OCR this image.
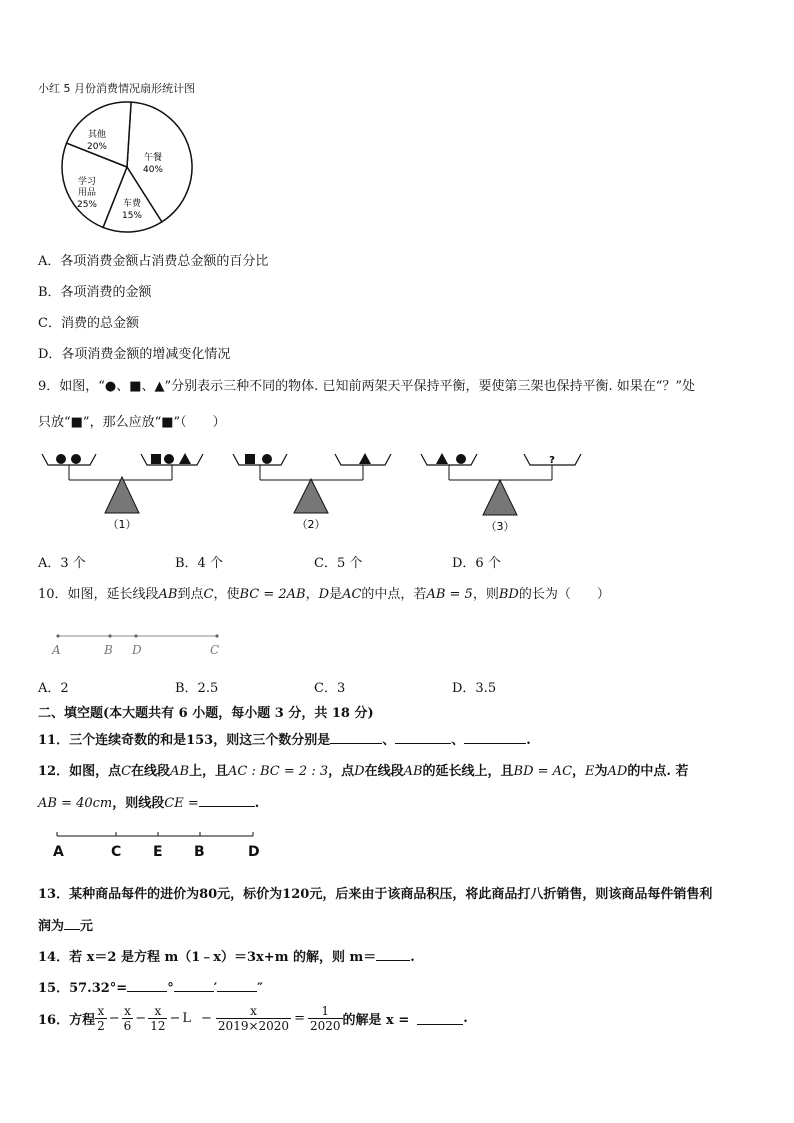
小红 5 月份消费情况扇形统计图
午餐
40%
车费
15%
学习
用品
25%
其他
20%
A．各项消费金额占消费总金额的百分比
B．各项消费的金额
C．消费的总金额
D．各项消费金额的增减变化情况
9．如图，“●、■、▲”分别表示三种不同的物体. 已知前两架天平保持平衡，要使第三架也保持平衡. 如果在“？”处
只放“■”，那么应放“■”（　　）
（1）	（2）
?
（3）
A．3 个	B．4 个	C．5 个	D．6 个
10．如图，延长线段AB到点C，使BC = 2AB，D是AC的中点，若AB = 5，则BD的长为（　　）
A	B D	C
A．2	B．2.5	C．3	D．3.5
二、填空题(本大题共有 6 小题，每小题 3 分，共 18 分)
11．三个连续奇数的和是153，则这三个数分别是	、	、	.
12．如图，点C在线段AB上，且AC : BC = 2 : 3，点D在线段AB的延长线上，且BD = AC，E为AD的中点. 若
AB = 40cm，则线段CE =	.
A	C E B	D
13．某种商品每件的进价为80元，标价为120元，后来由于该商品积压，将此商品打八折销售，则该商品每件销售利
润为 元
14．若 x＝2 是方程 m（1﹣x）＝3x+m 的解，则 m＝	.
15．57.32°=	°	′	″
16．方程 $\frac{x}{2} - \frac{x}{6} - \frac{x}{12} - L - \frac{x}{2019\times 2020} = \frac{1}{2020}$ 的解是 x =	.
